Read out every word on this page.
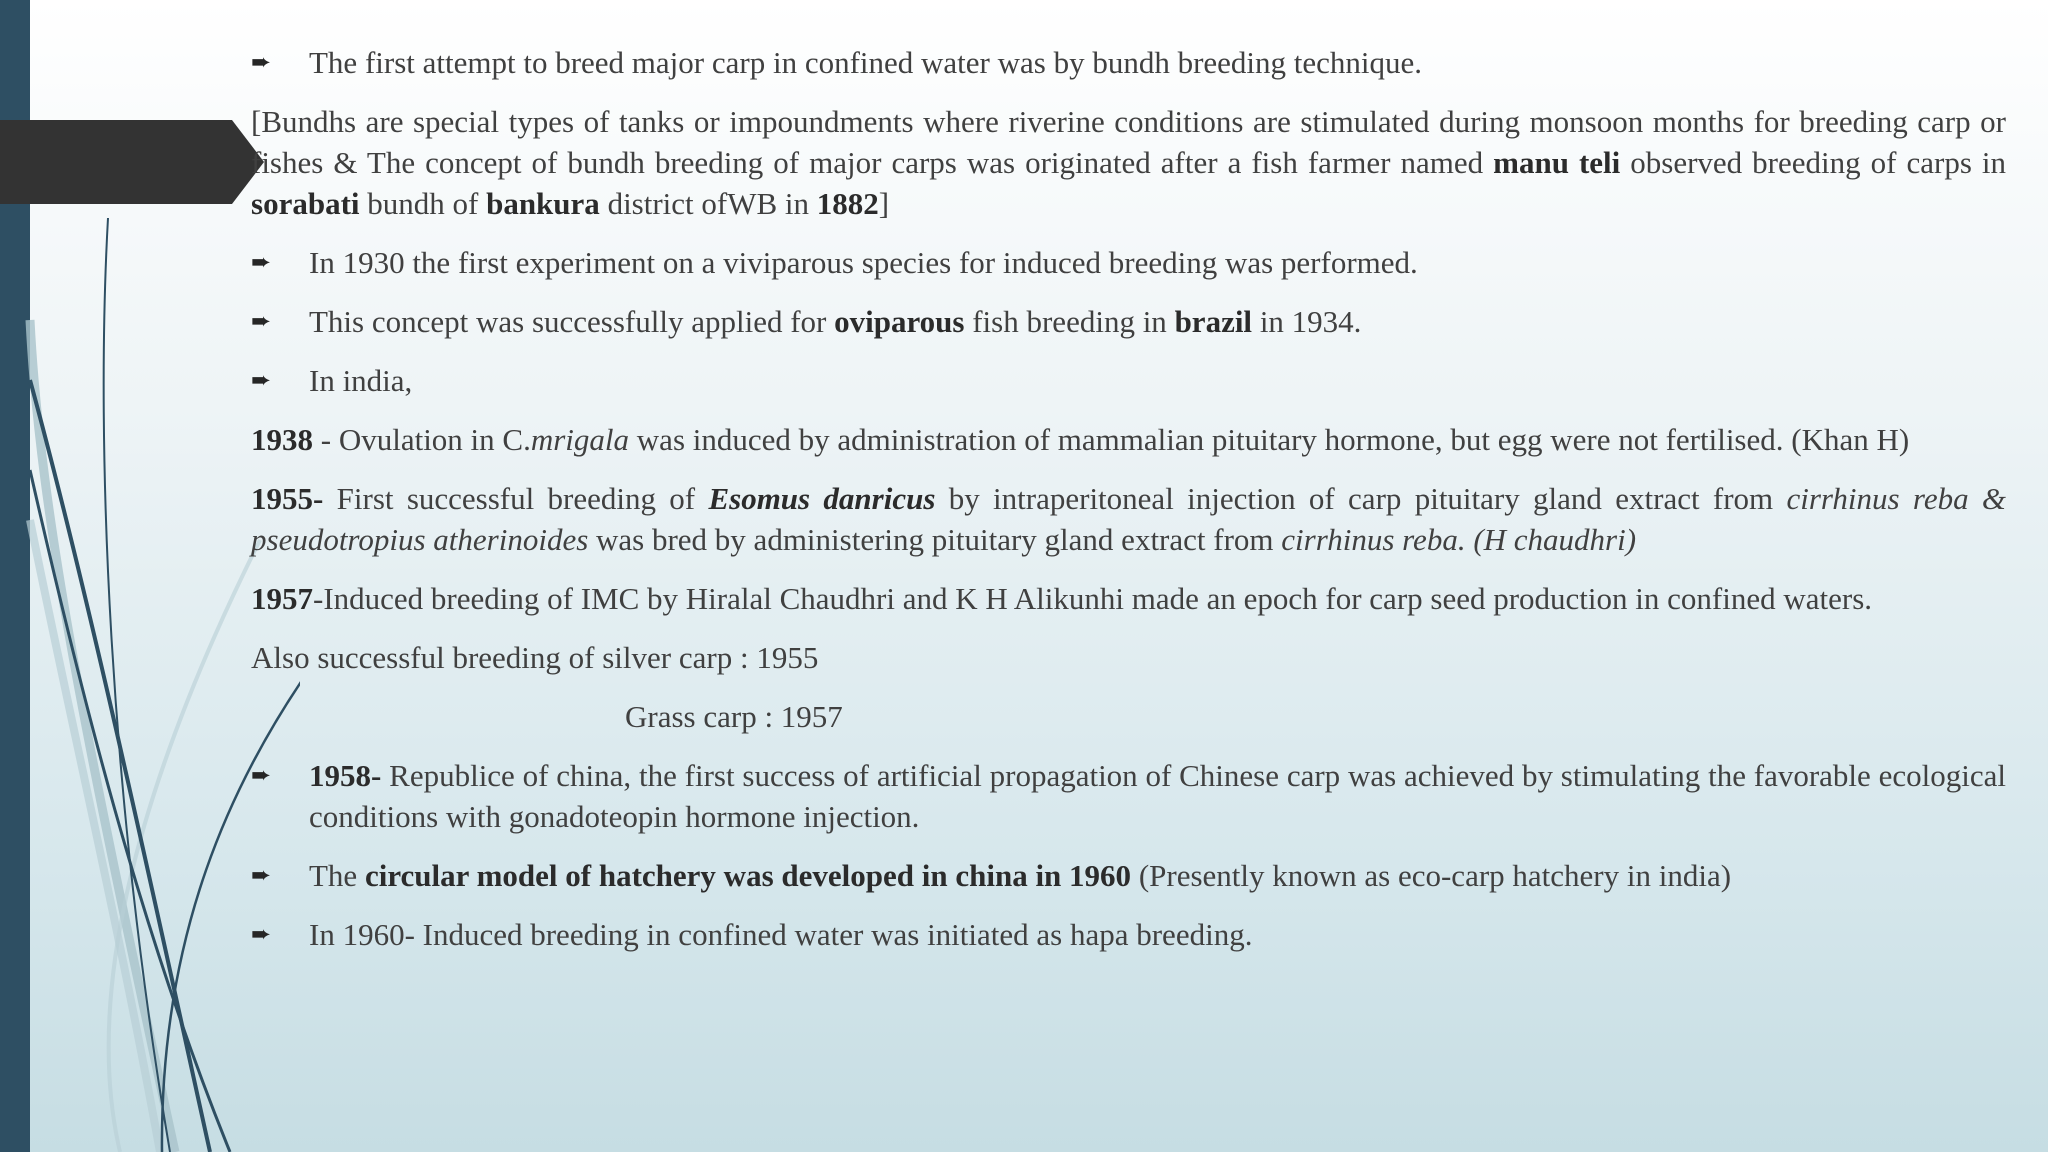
➨ The first attempt to breed major carp in confined water was by bundh breeding technique.
[Bundhs are special types of tanks or impoundments where riverine conditions are stimulated during monsoon months for breeding carp or fishes & The concept of bundh breeding of major carps was originated after a fish farmer named manu teli observed breeding of carps in sorabati bundh of bankura district ofWB in 1882]
➨ In 1930 the first experiment on a viviparous species for induced breeding was performed.
➨ This concept was successfully applied for oviparous fish breeding in brazil in 1934.
➨ In india,
1938 - Ovulation in C.mrigala was induced by administration of mammalian pituitary hormone, but egg were not fertilised. (Khan H)
1955- First successful breeding of Esomus danricus by intraperitoneal injection of carp pituitary gland extract from cirrhinus reba & pseudotropius atherinoides was bred by administering pituitary gland extract from cirrhinus reba. (H chaudhri)
1957-Induced breeding of IMC by Hiralal Chaudhri and K H Alikunhi made an epoch for carp seed production in confined waters.
Also successful breeding of silver carp : 1955
Grass carp : 1957
➨ 1958- Republice of china, the first success of artificial propagation of Chinese carp was achieved by stimulating the favorable ecological conditions with gonadoteopin hormone injection.
➨ The circular model of hatchery was developed in china in 1960 (Presently known as eco-carp hatchery in india)
➨ In 1960- Induced breeding in confined water was initiated as hapa breeding.
